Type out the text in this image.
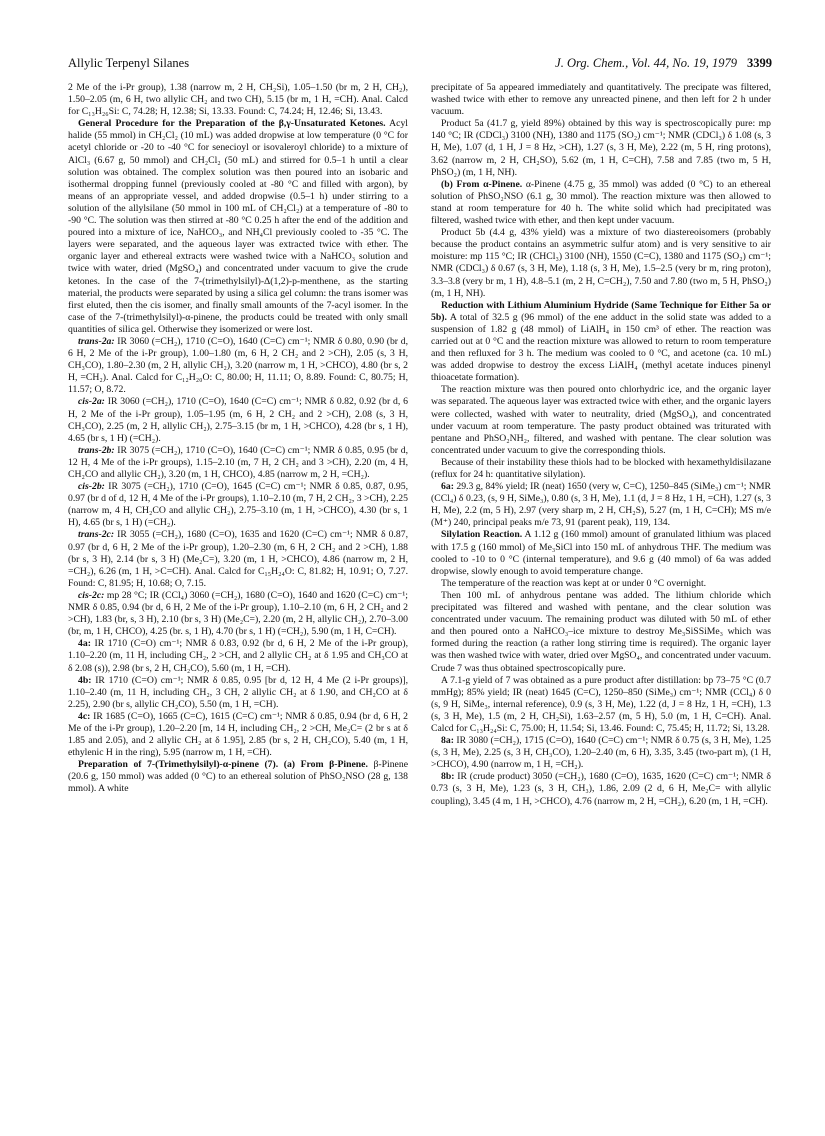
Allylic Terpenyl Silanes	J. Org. Chem., Vol. 44, No. 19, 1979 3399

2 Me of the i-Pr group), 1.38 (narrow m, 2 H, CH₂Si), 1.05–1.50 (br m, 2 H, CH₂), 1.50–2.05 (m, 6 H, two allylic CH₂ and two CH), 5.15 (br m, 1 H, =CH). Anal. Calcd for C₁₃H₂₆Si: C, 74.28; H, 12.38; Si, 13.33. Found: C, 74.24; H, 12.46; Si, 13.43.

General Procedure for the Preparation of the β,γ-Unsaturated Ketones. Acyl halide (55 mmol) in CH₂Cl₂ (10 mL) was added dropwise at low temperature (0 °C for acetyl chloride or -20 to -40 °C for senecioyl or isovaleroyl chloride) to a mixture of AlCl₃ (6.67 g, 50 mmol) and CH₂Cl₂ (50 mL) and stirred for 0.5–1 h until a clear solution was obtained. The complex solution was then poured into an isobaric and isothermal dropping funnel (previously cooled at -80 °C and filled with argon), by means of an appropriate vessel, and added dropwise (0.5–1 h) under stirring to a solution of the allylsilane (50 mmol in 100 mL of CH₂Cl₂) at a temperature of -80 to -90 °C. The solution was then stirred at -80 °C 0.25 h after the end of the addition and poured into a mixture of ice, NaHCO₃, and NH₄Cl previously cooled to -35 °C. The layers were separated, and the aqueous layer was extracted twice with ether. The organic layer and ethereal extracts were washed twice with a NaHCO₃ solution and twice with water, dried (MgSO₄) and concentrated under vacuum to give the crude ketones. In the case of the 7-(trimethylsilyl)-Δ(1,2)-p-menthene, as the starting material, the products were separated by using a silica gel column: the trans isomer was first eluted, then the cis isomer, and finally small amounts of the 7-acyl isomer. In the case of the 7-(trimethylsilyl)-α-pinene, the products could be treated with only small quantities of silica gel. Otherwise they isomerized or were lost.

trans-2a: IR 3060 (=CH₂), 1710 (C=O), 1640 (C=C) cm⁻¹; NMR δ 0.80, 0.90 (br d, 6 H, 2 Me of the i-Pr group), 1.00–1.80 (m, 6 H, 2 CH₂ and 2 >CH), 2.05 (s, 3 H, CH₃CO), 1.80–2.30 (m, 2 H, allylic CH₂), 3.20 (narrow m, 1 H, >CHCO), 4.80 (br s, 2 H, =CH₂). Anal. Calcd for C₁₂H₂₀O: C, 80.00; H, 11.11; O, 8.89. Found: C, 80.75; H, 11.57; O, 8.72.

cis-2a: IR 3060 (=CH₂), 1710 (C=O), 1640 (C=C) cm⁻¹; NMR δ 0.82, 0.92 (br d, 6 H, 2 Me of the i-Pr group), 1.05–1.95 (m, 6 H, 2 CH₂ and 2 >CH), 2.08 (s, 3 H, CH₃CO), 2.25 (m, 2 H, allylic CH₂), 2.75–3.15 (br m, 1 H, >CHCO), 4.28 (br s, 1 H), 4.65 (br s, 1 H) (=CH₂).

trans-2b: IR 3075 (=CH₂), 1710 (C=O), 1640 (C=C) cm⁻¹; NMR δ 0.85, 0.95 (br d, 12 H, 4 Me of the i-Pr groups), 1.15–2.10 (m, 7 H, 2 CH₂ and 3 >CH), 2.20 (m, 4 H, CH₂CO and allylic CH₂), 3.20 (m, 1 H, CHCO), 4.85 (narrow m, 2 H, =CH₂).

cis-2b: IR 3075 (=CH₂), 1710 (C=O), 1645 (C=C) cm⁻¹; NMR δ 0.85, 0.87, 0.95, 0.97 (br d of d, 12 H, 4 Me of the i-Pr groups), 1.10–2.10 (m, 7 H, 2 CH₂, 3 >CH), 2.25 (narrow m, 4 H, CH₂CO and allylic CH₂), 2.75–3.10 (m, 1 H, >CHCO), 4.30 (br s, 1 H), 4.65 (br s, 1 H) (=CH₂).

trans-2c: IR 3055 (=CH₂), 1680 (C=O), 1635 and 1620 (C=C) cm⁻¹; NMR δ 0.87, 0.97 (br d, 6 H, 2 Me of the i-Pr group), 1.20–2.30 (m, 6 H, 2 CH₂ and 2 >CH), 1.88 (br s, 3 H), 2.14 (br s, 3 H) (Me₂C=), 3.20 (m, 1 H, >CHCO), 4.86 (narrow m, 2 H, =CH₂), 6.26 (m, 1 H, >C=CH). Anal. Calcd for C₁₅H₂₄O: C, 81.82; H, 10.91; O, 7.27. Found: C, 81.95; H, 10.68; O, 7.15.

cis-2c: mp 28 °C; IR (CCl₄) 3060 (=CH₂), 1680 (C=O), 1640 and 1620 (C=C) cm⁻¹; NMR δ 0.85, 0.94 (br d, 6 H, 2 Me of the i-Pr group), 1.10–2.10 (m, 6 H, 2 CH₂ and 2 >CH), 1.83 (br, s, 3 H), 2.10 (br s, 3 H) (Me₂C=), 2.20 (m, 2 H, allylic CH₂), 2.70–3.00 (br, m, 1 H, CHCO), 4.25 (br. s, 1 H), 4.70 (br s, 1 H) (=CH₂), 5.90 (m, 1 H, C=CH).

4a: IR 1710 (C=O) cm⁻¹; NMR δ 0.83, 0.92 (br d, 6 H, 2 Me of the i-Pr group), 1.10–2.20 (m, 11 H, including CH₂, 2 >CH, and 2 allylic CH₂ at δ 1.95 and CH₃CO at δ 2.08 (s)), 2.98 (br s, 2 H, CH₂CO), 5.60 (m, 1 H, =CH).

4b: IR 1710 (C=O) cm⁻¹; NMR δ 0.85, 0.95 [br d, 12 H, 4 Me (2 i-Pr groups)], 1.10–2.40 (m, 11 H, including CH₂, 3 CH, 2 allylic CH₂ at δ 1.90, and CH₂CO at δ 2.25), 2.90 (br s, allylic CH₂CO), 5.50 (m, 1 H, =CH).

4c: IR 1685 (C=O), 1665 (C=C), 1615 (C=C) cm⁻¹; NMR δ 0.85, 0.94 (br d, 6 H, 2 Me of the i-Pr group), 1.20–2.20 [m, 14 H, including CH₂, 2 >CH, Me₂C= (2 br s at δ 1.85 and 2.05), and 2 allylic CH₂ at δ 1.95], 2.85 (br s, 2 H, CH₂CO), 5.40 (m, 1 H, ethylenic H in the ring), 5.95 (narrow m, 1 H, =CH).

Preparation of 7-(Trimethylsilyl)-α-pinene (7). (a) From β-Pinene. β-Pinene (20.6 g, 150 mmol) was added (0 °C) to an ethereal solution of PhSO₂NSO (28 g, 138 mmol). A white

precipitate of 5a appeared immediately and quantitatively. The precipate was filtered, washed twice with ether to remove any unreacted pinene, and then left for 2 h under vacuum.

Product 5a (41.7 g, yield 89%) obtained by this way is spectroscopically pure: mp 140 °C; IR (CDCl₃) 3100 (NH), 1380 and 1175 (SO₂) cm⁻¹; NMR (CDCl₃) δ 1.08 (s, 3 H, Me), 1.07 (d, 1 H, J = 8 Hz, >CH), 1.27 (s, 3 H, Me), 2.22 (m, 5 H, ring protons), 3.62 (narrow m, 2 H, CH₂SO), 5.62 (m, 1 H, C=CH), 7.58 and 7.85 (two m, 5 H, PhSO₂) (m, 1 H, NH).

(b) From α-Pinene. α-Pinene (4.75 g, 35 mmol) was added (0 °C) to an ethereal solution of PhSO₂NSO (6.1 g, 30 mmol). The reaction mixture was then allowed to stand at room temperature for 40 h. The white solid which had precipitated was filtered, washed twice with ether, and then kept under vacuum.

Product 5b (4.4 g, 43% yield) was a mixture of two diastereoisomers (probably because the product contains an asymmetric sulfur atom) and is very sensitive to air moisture: mp 115 °C; IR (CHCl₃) 3100 (NH), 1550 (C=C), 1380 and 1175 (SO₂) cm⁻¹; NMR (CDCl₃) δ 0.67 (s, 3 H, Me), 1.18 (s, 3 H, Me), 1.5–2.5 (very br m, ring proton), 3.3–3.8 (very br m, 1 H), 4.8–5.1 (m, 2 H, C=CH₂), 7.50 and 7.80 (two m, 5 H, PhSO₂) (m, 1 H, NH).

Reduction with Lithium Aluminium Hydride (Same Technique for Either 5a or 5b). A total of 32.5 g (96 mmol) of the ene adduct in the solid state was added to a suspension of 1.82 g (48 mmol) of LiAlH₄ in 150 cm³ of ether. The reaction was carried out at 0 °C and the reaction mixture was allowed to return to room temperature and then refluxed for 3 h. The medium was cooled to 0 °C, and acetone (ca. 10 mL) was added dropwise to destroy the excess LiAlH₄ (methyl acetate induces pinenyl thioacetate formation).

The reaction mixture was then poured onto chlorhydric ice, and the organic layer was separated. The aqueous layer was extracted twice with ether, and the organic layers were collected, washed with water to neutrality, dried (MgSO₄), and concentrated under vacuum at room temperature. The pasty product obtained was triturated with pentane and PhSO₂NH₂, filtered, and washed with pentane. The clear solution was concentrated under vacuum to give the corresponding thiols.

Because of their instability these thiols had to be blocked with hexamethyldisilazane (reflux for 24 h: quantitative silylation).

6a: 29.3 g, 84% yield; IR (neat) 1650 (very w, C=C), 1250–845 (SiMe₃) cm⁻¹; NMR (CCl₄) δ 0.23, (s, 9 H, SiMe₃), 0.80 (s, 3 H, Me), 1.1 (d, J = 8 Hz, 1 H, =CH), 1.27 (s, 3 H, Me), 2.2 (m, 5 H), 2.97 (very sharp m, 2 H, CH₂S), 5.27 (m, 1 H, C=CH); MS m/e (M⁺) 240, principal peaks m/e 73, 91 (parent peak), 119, 134.

Silylation Reaction. A 1.12 g (160 mmol) amount of granulated lithium was placed with 17.5 g (160 mmol) of Me₃SiCl into 150 mL of anhydrous THF. The medium was cooled to -10 to 0 °C (internal temperature), and 9.6 g (40 mmol) of 6a was added dropwise, slowly enough to avoid temperature change.

The temperature of the reaction was kept at or under 0 °C overnight.

Then 100 mL of anhydrous pentane was added. The lithium chloride which precipitated was filtered and washed with pentane, and the clear solution was concentrated under vacuum. The remaining product was diluted with 50 mL of ether and then poured onto a NaHCO₃–ice mixture to destroy Me₃SiSSiMe₃ which was formed during the reaction (a rather long stirring time is required). The organic layer was then washed twice with water, dried over MgSO₄, and concentrated under vacuum. Crude 7 was thus obtained spectroscopically pure.

A 7.1-g yield of 7 was obtained as a pure product after distillation: bp 73–75 °C (0.7 mmHg); 85% yield; IR (neat) 1645 (C=C), 1250–850 (SiMe₃) cm⁻¹; NMR (CCl₄) δ 0 (s, 9 H, SiMe₃, internal reference), 0.9 (s, 3 H, Me), 1.22 (d, J = 8 Hz, 1 H, =CH), 1.3 (s, 3 H, Me), 1.5 (m, 2 H, CH₂Si), 1.63–2.57 (m, 5 H), 5.0 (m, 1 H, C=CH). Anal. Calcd for C₁₃H₂₄Si: C, 75.00; H, 11.54; Si, 13.46. Found: C, 75.45; H, 11.72; Si, 13.28.

8a: IR 3080 (=CH₂), 1715 (C=O), 1640 (C=C) cm⁻¹; NMR δ 0.75 (s, 3 H, Me), 1.25 (s, 3 H, Me), 2.25 (s, 3 H, CH₃CO), 1.20–2.40 (m, 6 H), 3.35, 3.45 (two-part m), (1 H, >CHCO), 4.90 (narrow m, 1 H, =CH₂).

8b: IR (crude product) 3050 (=CH₂), 1680 (C=O), 1635, 1620 (C=C) cm⁻¹; NMR δ 0.73 (s, 3 H, Me), 1.23 (s, 3 H, CH₃), 1.86, 2.09 (2 d, 6 H, Me₂C= with allylic coupling), 3.45 (4 m, 1 H, >CHCO), 4.76 (narrow m, 2 H, =CH₂), 6.20 (m, 1 H, =CH).
